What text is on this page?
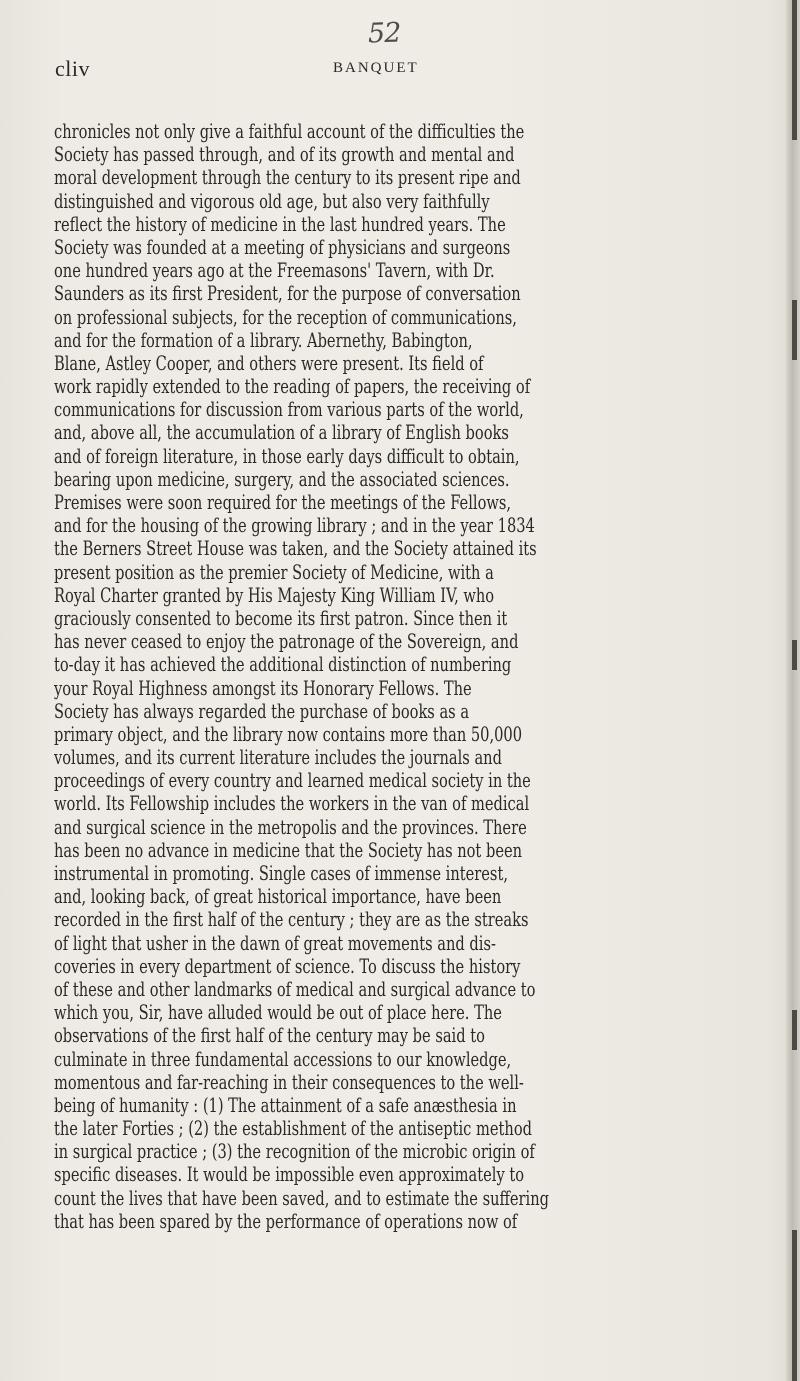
52
cliv	BANQUET
chronicles not only give a faithful account of the difficulties the
Society has passed through, and of its growth and mental and
moral development through the century to its present ripe and
distinguished and vigorous old age, but also very faithfully
reflect the history of medicine in the last hundred years. The
Society was founded at a meeting of physicians and surgeons
one hundred years ago at the Freemasons' Tavern, with Dr.
Saunders as its first President, for the purpose of conversation
on professional subjects, for the reception of communications,
and for the formation of a library. Abernethy, Babington,
Blane, Astley Cooper, and others were present. Its field of
work rapidly extended to the reading of papers, the receiving of
communications for discussion from various parts of the world,
and, above all, the accumulation of a library of English books
and of foreign literature, in those early days difficult to obtain,
bearing upon medicine, surgery, and the associated sciences.
Premises were soon required for the meetings of the Fellows,
and for the housing of the growing library ; and in the year 1834
the Berners Street House was taken, and the Society attained its
present position as the premier Society of Medicine, with a
Royal Charter granted by His Majesty King William IV, who
graciously consented to become its first patron. Since then it
has never ceased to enjoy the patronage of the Sovereign, and
to-day it has achieved the additional distinction of numbering
your Royal Highness amongst its Honorary Fellows. The
Society has always regarded the purchase of books as a
primary object, and the library now contains more than 50,000
volumes, and its current literature includes the journals and
proceedings of every country and learned medical society in the
world. Its Fellowship includes the workers in the van of medical
and surgical science in the metropolis and the provinces. There
has been no advance in medicine that the Society has not been
instrumental in promoting. Single cases of immense interest,
and, looking back, of great historical importance, have been
recorded in the first half of the century ; they are as the streaks
of light that usher in the dawn of great movements and dis-
coveries in every department of science. To discuss the history
of these and other landmarks of medical and surgical advance to
which you, Sir, have alluded would be out of place here. The
observations of the first half of the century may be said to
culminate in three fundamental accessions to our knowledge,
momentous and far-reaching in their consequences to the well-
being of humanity : (1) The attainment of a safe anæsthesia in
the later Forties ; (2) the establishment of the antiseptic method
in surgical practice ; (3) the recognition of the microbic origin of
specific diseases. It would be impossible even approximately to
count the lives that have been saved, and to estimate the suffering
that has been spared by the performance of operations now of
